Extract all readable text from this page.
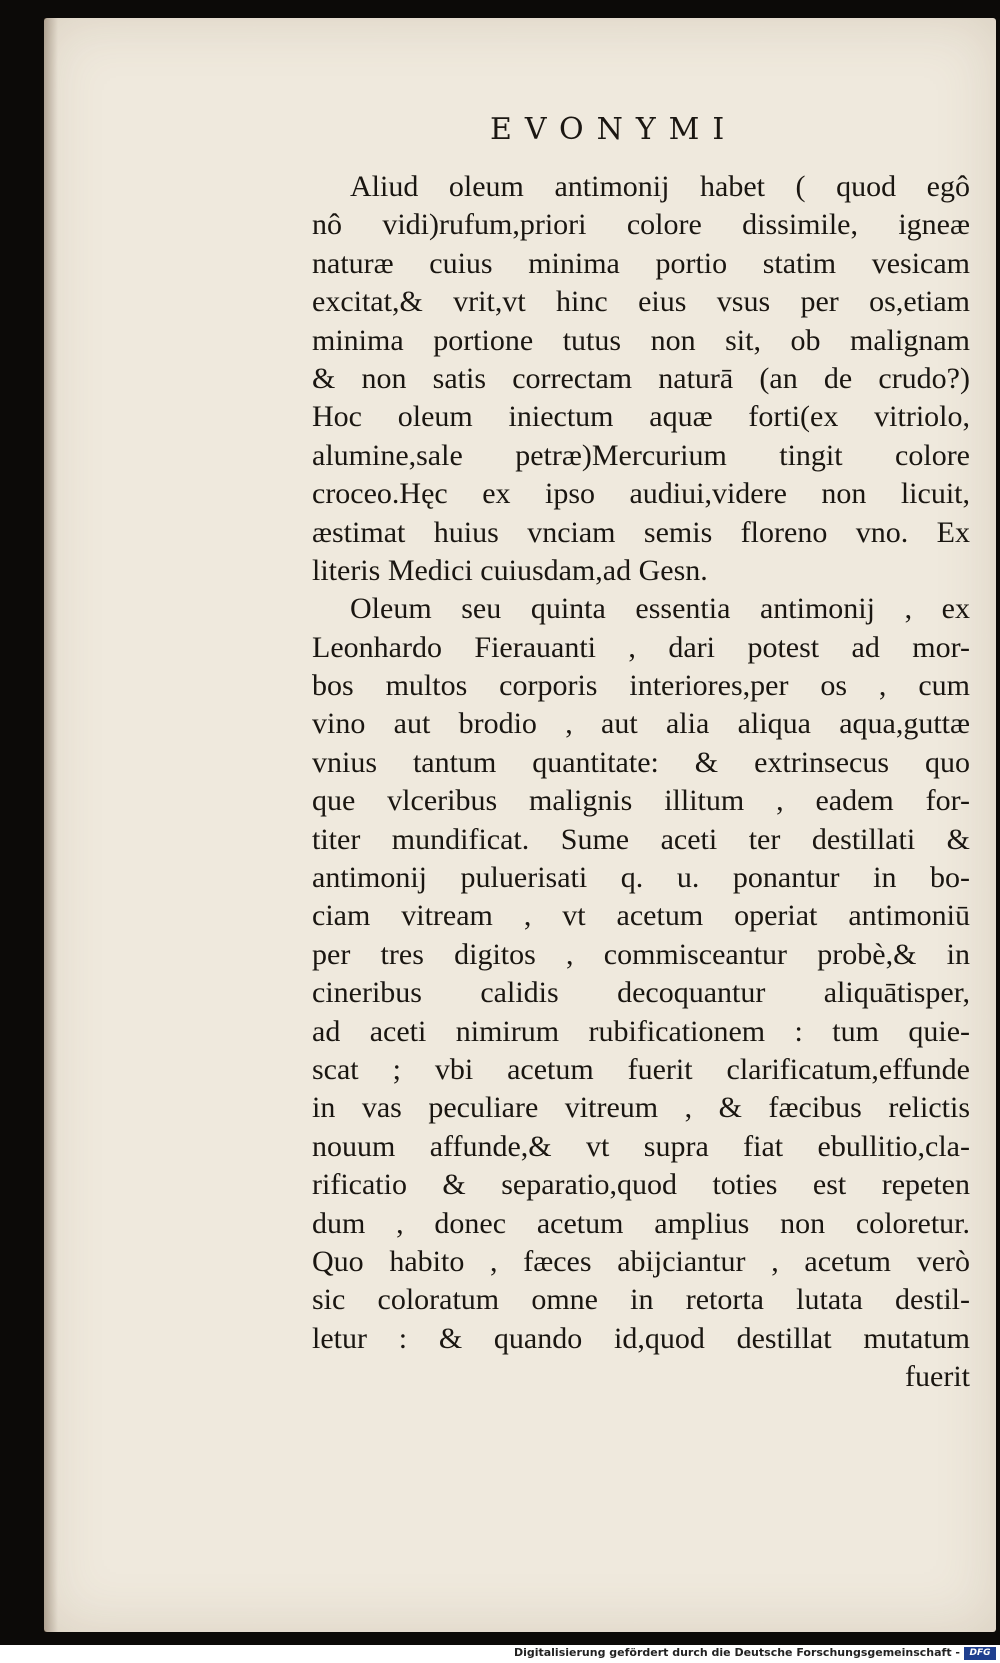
EVONYMI
Aliud oleum antimonij habet ( quod egô
nô vidi)rufum,priori colore dissimile, igneæ
naturæ cuius minima portio statim vesicam
excitat,& vrit,vt hinc eius vsus per os,etiam
minima portione tutus non sit, ob malignam
& non satis correctam naturā (an de crudo?)
Hoc oleum iniectum aquæ forti(ex vitriolo,
alumine,sale petræ)Mercurium tingit colore
croceo.Hęc ex ipso audiui,videre non licuit,
æstimat huius vnciam semis floreno vno. Ex
literis Medici cuiusdam,ad Gesn.
Oleum seu quinta essentia antimonij , ex
Leonhardo Fierauanti , dari potest ad mor-
bos multos corporis interiores,per os , cum
vino aut brodio , aut alia aliqua aqua,guttæ
vnius tantum quantitate: & extrinsecus quo
que vlceribus malignis illitum , eadem for-
titer mundificat. Sume aceti ter destillati &
antimonij puluerisati q. u. ponantur in bo-
ciam vitream , vt acetum operiat antimoniū
per tres digitos , commisceantur probè,& in
cineribus calidis decoquantur aliquātisper,
ad aceti nimirum rubificationem : tum quie-
scat ; vbi acetum fuerit clarificatum,effunde
in vas peculiare vitreum , & fæcibus relictis
nouum affunde,& vt supra fiat ebullitio,cla-
rificatio & separatio,quod toties est repeten
dum , donec acetum amplius non coloretur.
Quo habito , fæces abijciantur , acetum verò
sic coloratum omne in retorta lutata destil-
letur : & quando id,quod destillat mutatum
fuerit
Digitalisierung gefördert durch die Deutsche Forschungsgemeinschaft -	DFG
